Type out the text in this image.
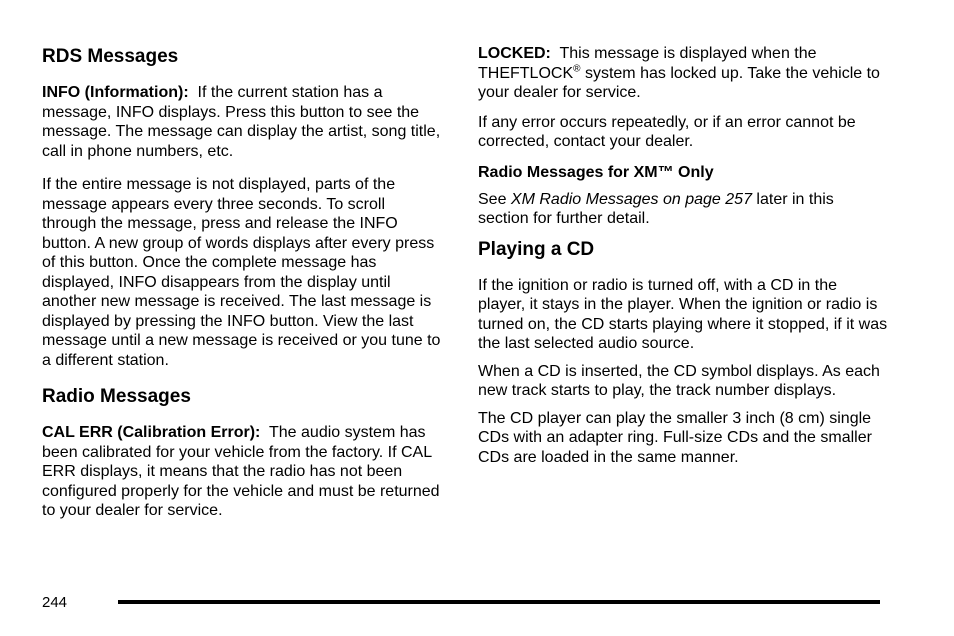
RDS Messages

INFO (Information): If the current station has a message, INFO displays. Press this button to see the message. The message can display the artist, song title, call in phone numbers, etc.

If the entire message is not displayed, parts of the message appears every three seconds. To scroll through the message, press and release the INFO button. A new group of words displays after every press of this button. Once the complete message has displayed, INFO disappears from the display until another new message is received. The last message is displayed by pressing the INFO button. View the last message until a new message is received or you tune to a different station.

Radio Messages

CAL ERR (Calibration Error): The audio system has been calibrated for your vehicle from the factory. If CAL ERR displays, it means that the radio has not been configured properly for the vehicle and must be returned to your dealer for service.

LOCKED: This message is displayed when the THEFTLOCK® system has locked up. Take the vehicle to your dealer for service.

If any error occurs repeatedly, or if an error cannot be corrected, contact your dealer.

Radio Messages for XM™ Only

See XM Radio Messages on page 257 later in this section for further detail.

Playing a CD

If the ignition or radio is turned off, with a CD in the player, it stays in the player. When the ignition or radio is turned on, the CD starts playing where it stopped, if it was the last selected audio source.

When a CD is inserted, the CD symbol displays. As each new track starts to play, the track number displays.

The CD player can play the smaller 3 inch (8 cm) single CDs with an adapter ring. Full-size CDs and the smaller CDs are loaded in the same manner.

244
